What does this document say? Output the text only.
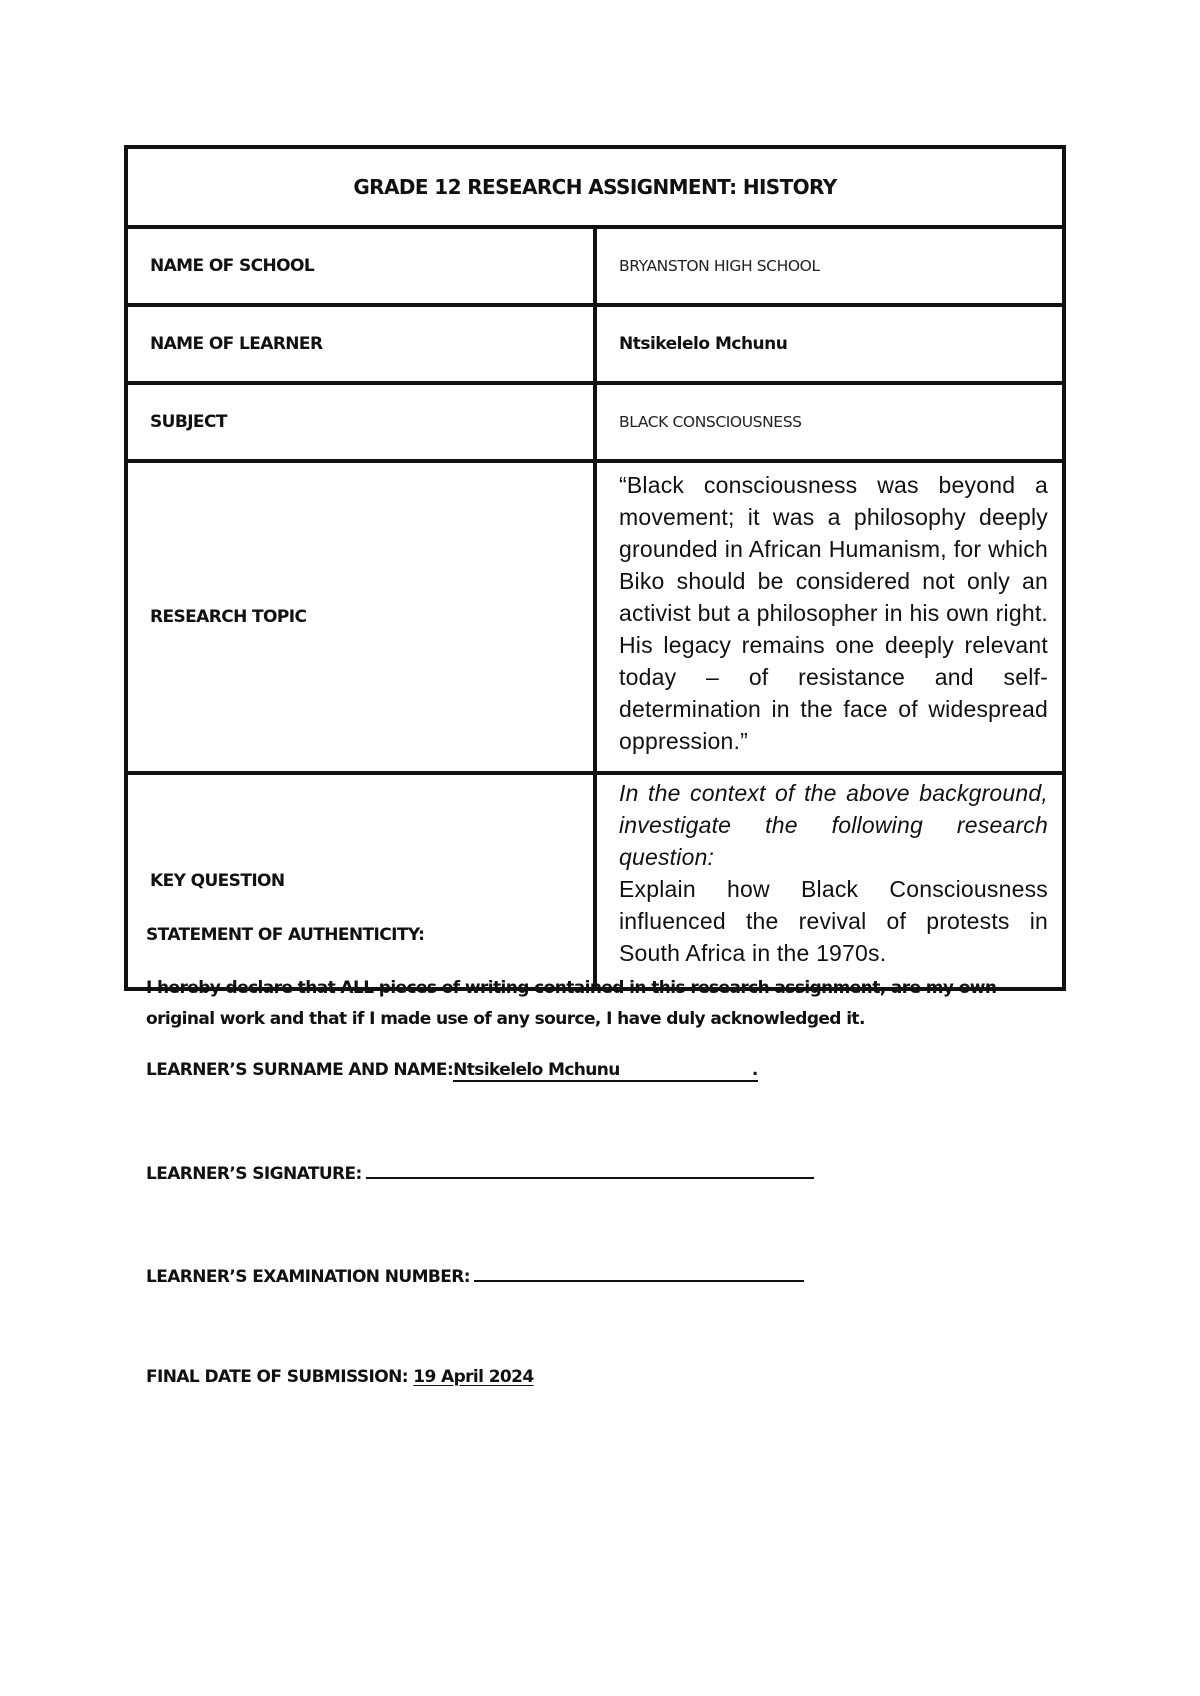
GRADE 12 RESEARCH ASSIGNMENT: HISTORY	
NAME OF SCHOOL	BRYANSTON HIGH SCHOOL
NAME OF LEARNER	Ntsikelelo Mchunu
SUBJECT	BLACK CONSCIOUSNESS
RESEARCH TOPIC	“Black consciousness was beyond a movement; it was a philosophy deeply grounded in African Humanism, for which Biko should be considered not only an activist but a philosopher in his own right. His legacy remains one deeply relevant today – of resistance and self-determination in the face of widespread oppression.”

KEY QUESTION	In the context of the above background, investigate the following research question:
Explain how Black Consciousness influenced the revival of protests in South Africa in the 1970s.
STATEMENT OF AUTHENTICITY:
I hereby declare that ALL pieces of writing contained in this research assignment, are my own original work and that if I made use of any source, I have duly acknowledged it.
LEARNER’S SURNAME AND NAME:Ntsikelelo Mchunu	.
LEARNER’S SIGNATURE:
LEARNER’S EXAMINATION NUMBER:
FINAL DATE OF SUBMISSION: 19 April 2024
